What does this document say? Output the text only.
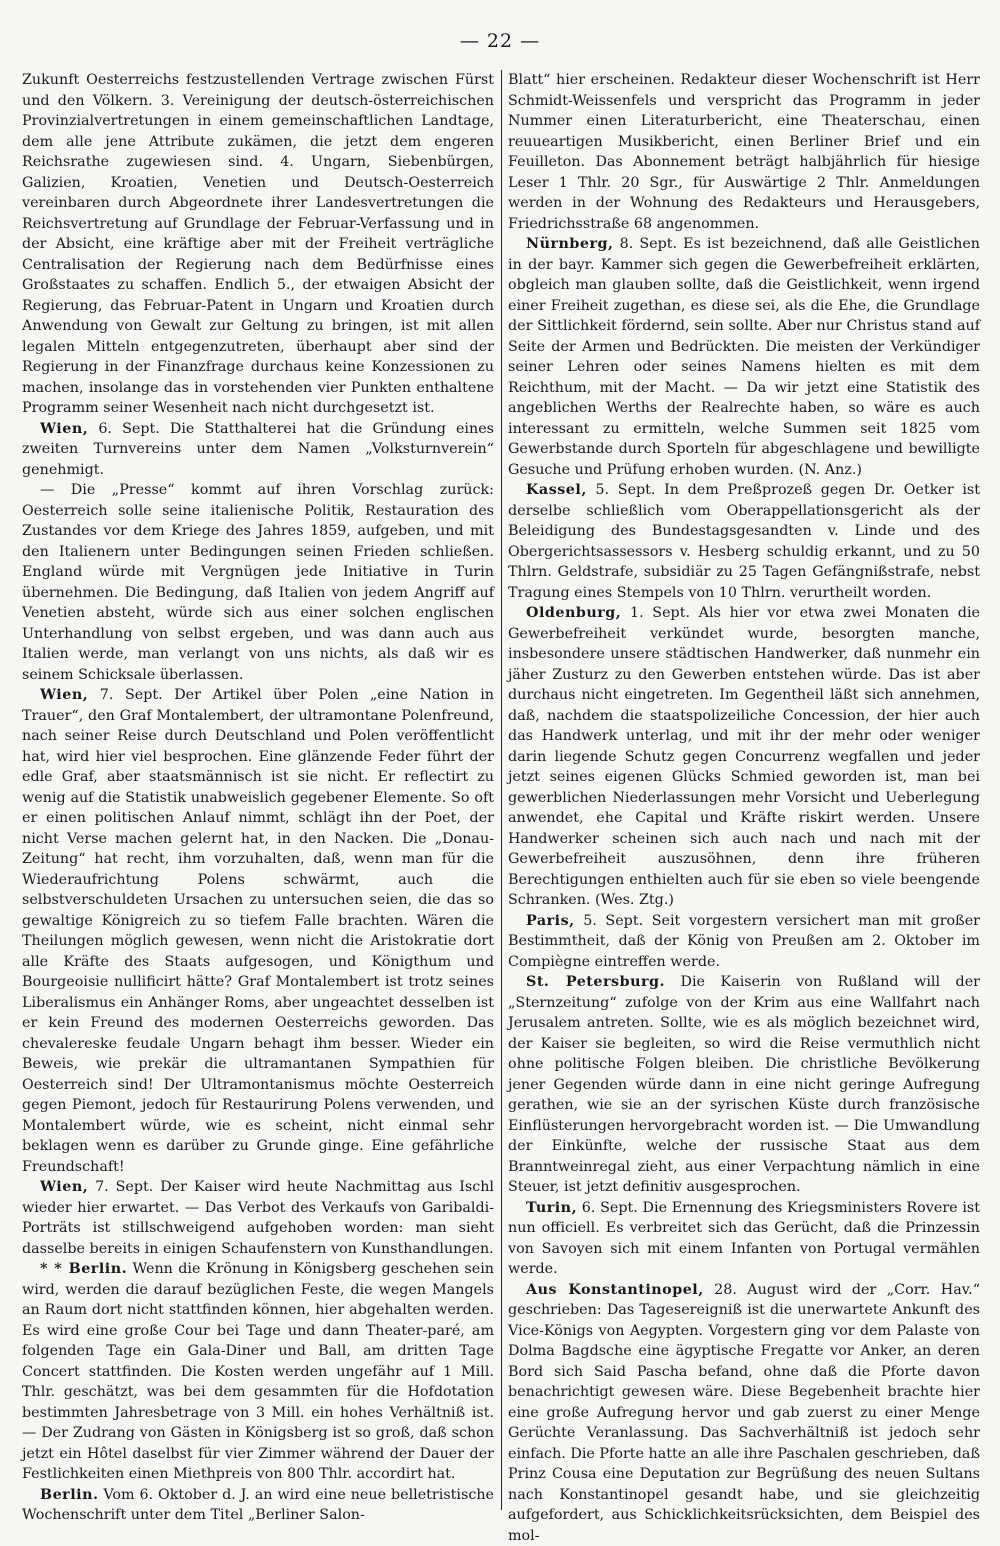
— 22 —

Zukunft Oesterreichs festzustellenden Vertrage zwischen Fürst und den Völkern. 3. Vereinigung der deutsch-österreichischen Provinzialvertretungen in einem gemeinschaftlichen Landtage, dem alle jene Attribute zukämen, die jetzt dem engeren Reichsrathe zugewiesen sind. 4. Ungarn, Siebenbürgen, Galizien, Kroatien, Venetien und Deutsch-Oesterreich vereinbaren durch Abgeordnete ihrer Landesvertretungen die Reichsvertretung auf Grundlage der Februar-Verfassung und in der Absicht, eine kräftige aber mit der Freiheit verträgliche Centralisation der Regierung nach dem Bedürfnisse eines Großstaates zu schaffen. Endlich 5., der etwaigen Absicht der Regierung, das Februar-Patent in Ungarn und Kroatien durch Anwendung von Gewalt zur Geltung zu bringen, ist mit allen legalen Mitteln entgegenzutreten, überhaupt aber sind der Regierung in der Finanzfrage durchaus keine Konzessionen zu machen, insolange das in vorstehenden vier Punkten enthaltene Programm seiner Wesenheit nach nicht durchgesetzt ist.

Wien, 6. Sept. Die Statthalterei hat die Gründung eines zweiten Turnvereins unter dem Namen „Volksturnverein“ genehmigt.

— Die „Presse“ kommt auf ihren Vorschlag zurück: Oesterreich solle seine italienische Politik, Restauration des Zustandes vor dem Kriege des Jahres 1859, aufgeben, und mit den Italienern unter Bedingungen seinen Frieden schließen. England würde mit Vergnügen jede Initiative in Turin übernehmen. Die Bedingung, daß Italien von jedem Angriff auf Venetien absteht, würde sich aus einer solchen englischen Unterhandlung von selbst ergeben, und was dann auch aus Italien werde, man verlangt von uns nichts, als daß wir es seinem Schicksale überlassen.

Wien, 7. Sept. Der Artikel über Polen „eine Nation in Trauer“, den Graf Montalembert, der ultramontane Polenfreund, nach seiner Reise durch Deutschland und Polen veröffentlicht hat, wird hier viel besprochen. Eine glänzende Feder führt der edle Graf, aber staatsmännisch ist sie nicht. Er reflectirt zu wenig auf die Statistik unabweislich gegebener Elemente. So oft er einen politischen Anlauf nimmt, schlägt ihn der Poet, der nicht Verse machen gelernt hat, in den Nacken. Die „Donau-Zeitung“ hat recht, ihm vorzuhalten, daß, wenn man für die Wiederaufrichtung Polens schwärmt, auch die selbstverschuldeten Ursachen zu untersuchen seien, die das so gewaltige Königreich zu so tiefem Falle brachten. Wären die Theilungen möglich gewesen, wenn nicht die Aristokratie dort alle Kräfte des Staats aufgesogen, und Königthum und Bourgeoisie nullificirt hätte? Graf Montalembert ist trotz seines Liberalismus ein Anhänger Roms, aber ungeachtet desselben ist er kein Freund des modernen Oesterreichs geworden. Das chevalereske feudale Ungarn behagt ihm besser. Wieder ein Beweis, wie prekär die ultramantanen Sympathien für Oesterreich sind! Der Ultramontanismus möchte Oesterreich gegen Piemont, jedoch für Restaurirung Polens verwenden, und Montalembert würde, wie es scheint, nicht einmal sehr beklagen wenn es darüber zu Grunde ginge. Eine gefährliche Freundschaft!

Wien, 7. Sept. Der Kaiser wird heute Nachmittag aus Ischl wieder hier erwartet. — Das Verbot des Verkaufs von Garibaldi-Porträts ist stillschweigend aufgehoben worden: man sieht dasselbe bereits in einigen Schaufenstern von Kunsthandlungen.

* * Berlin. Wenn die Krönung in Königsberg geschehen sein wird, werden die darauf bezüglichen Feste, die wegen Mangels an Raum dort nicht stattfinden können, hier abgehalten werden. Es wird eine große Cour bei Tage und dann Theater-paré, am folgenden Tage ein Gala-Diner und Ball, am dritten Tage Concert stattfinden. Die Kosten werden ungefähr auf 1 Mill. Thlr. geschätzt, was bei dem gesammten für die Hofdotation bestimmten Jahresbetrage von 3 Mill. ein hohes Verhältniß ist. — Der Zudrang von Gästen in Königsberg ist so groß, daß schon jetzt ein Hôtel daselbst für vier Zimmer während der Dauer der Festlichkeiten einen Miethpreis von 800 Thlr. accordirt hat.

Berlin. Vom 6. Oktober d. J. an wird eine neue belletristische Wochenschrift unter dem Titel „Berliner Salon-

Blatt“ hier erscheinen. Redakteur dieser Wochenschrift ist Herr Schmidt-Weissenfels und verspricht das Programm in jeder Nummer einen Literaturbericht, eine Theaterschau, einen reuueartigen Musikbericht, einen Berliner Brief und ein Feuilleton. Das Abonnement beträgt halbjährlich für hiesige Leser 1 Thlr. 20 Sgr., für Auswärtige 2 Thlr. Anmeldungen werden in der Wohnung des Redakteurs und Herausgebers, Friedrichsstraße 68 angenommen.

Nürnberg, 8. Sept. Es ist bezeichnend, daß alle Geistlichen in der bayr. Kammer sich gegen die Gewerbefreiheit erklärten, obgleich man glauben sollte, daß die Geistlichkeit, wenn irgend einer Freiheit zugethan, es diese sei, als die Ehe, die Grundlage der Sittlichkeit fördernd, sein sollte. Aber nur Christus stand auf Seite der Armen und Bedrückten. Die meisten der Verkündiger seiner Lehren oder seines Namens hielten es mit dem Reichthum, mit der Macht. — Da wir jetzt eine Statistik des angeblichen Werths der Realrechte haben, so wäre es auch interessant zu ermitteln, welche Summen seit 1825 vom Gewerbstande durch Sporteln für abgeschlagene und bewilligte Gesuche und Prüfung erhoben wurden. (N. Anz.)

Kassel, 5. Sept. In dem Preßprozeß gegen Dr. Oetker ist derselbe schließlich vom Oberappellationsgericht als der Beleidigung des Bundestagsgesandten v. Linde und des Obergerichtsassessors v. Hesberg schuldig erkannt, und zu 50 Thlrn. Geldstrafe, subsidiär zu 25 Tagen Gefängnißstrafe, nebst Tragung eines Stempels von 10 Thlrn. verurtheilt worden.

Oldenburg, 1. Sept. Als hier vor etwa zwei Monaten die Gewerbefreiheit verkündet wurde, besorgten manche, insbesondere unsere städtischen Handwerker, daß nunmehr ein jäher Zusturz zu den Gewerben entstehen würde. Das ist aber durchaus nicht eingetreten. Im Gegentheil läßt sich annehmen, daß, nachdem die staatspolizeiliche Concession, der hier auch das Handwerk unterlag, und mit ihr der mehr oder weniger darin liegende Schutz gegen Concurrenz wegfallen und jeder jetzt seines eigenen Glücks Schmied geworden ist, man bei gewerblichen Niederlassungen mehr Vorsicht und Ueberlegung anwendet, ehe Capital und Kräfte riskirt werden. Unsere Handwerker scheinen sich auch nach und nach mit der Gewerbefreiheit auszusöhnen, denn ihre früheren Berechtigungen enthielten auch für sie eben so viele beengende Schranken. (Wes. Ztg.)

Paris, 5. Sept. Seit vorgestern versichert man mit großer Bestimmtheit, daß der König von Preußen am 2. Oktober im Compiègne eintreffen werde.

St. Petersburg. Die Kaiserin von Rußland will der „Sternzeitung“ zufolge von der Krim aus eine Wallfahrt nach Jerusalem antreten. Sollte, wie es als möglich bezeichnet wird, der Kaiser sie begleiten, so wird die Reise vermuthlich nicht ohne politische Folgen bleiben. Die christliche Bevölkerung jener Gegenden würde dann in eine nicht geringe Aufregung gerathen, wie sie an der syrischen Küste durch französische Einflüsterungen hervorgebracht worden ist. — Die Umwandlung der Einkünfte, welche der russische Staat aus dem Branntweinregal zieht, aus einer Verpachtung nämlich in eine Steuer, ist jetzt definitiv ausgesprochen.

Turin, 6. Sept. Die Ernennung des Kriegsministers Rovere ist nun officiell. Es verbreitet sich das Gerücht, daß die Prinzessin von Savoyen sich mit einem Infanten von Portugal vermählen werde.

Aus Konstantinopel, 28. August wird der „Corr. Hav.“ geschrieben: Das Tagesereigniß ist die unerwartete Ankunft des Vice-Königs von Aegypten. Vorgestern ging vor dem Palaste von Dolma Bagdsche eine ägyptische Fregatte vor Anker, an deren Bord sich Said Pascha befand, ohne daß die Pforte davon benachrichtigt gewesen wäre. Diese Begebenheit brachte hier eine große Aufregung hervor und gab zuerst zu einer Menge Gerüchte Veranlassung. Das Sachverhältniß ist jedoch sehr einfach. Die Pforte hatte an alle ihre Paschalen geschrieben, daß Prinz Cousa eine Deputation zur Begrüßung des neuen Sultans nach Konstantinopel gesandt habe, und sie gleichzeitig aufgefordert, aus Schicklichkeitsrücksichten, dem Beispiel des mol-
